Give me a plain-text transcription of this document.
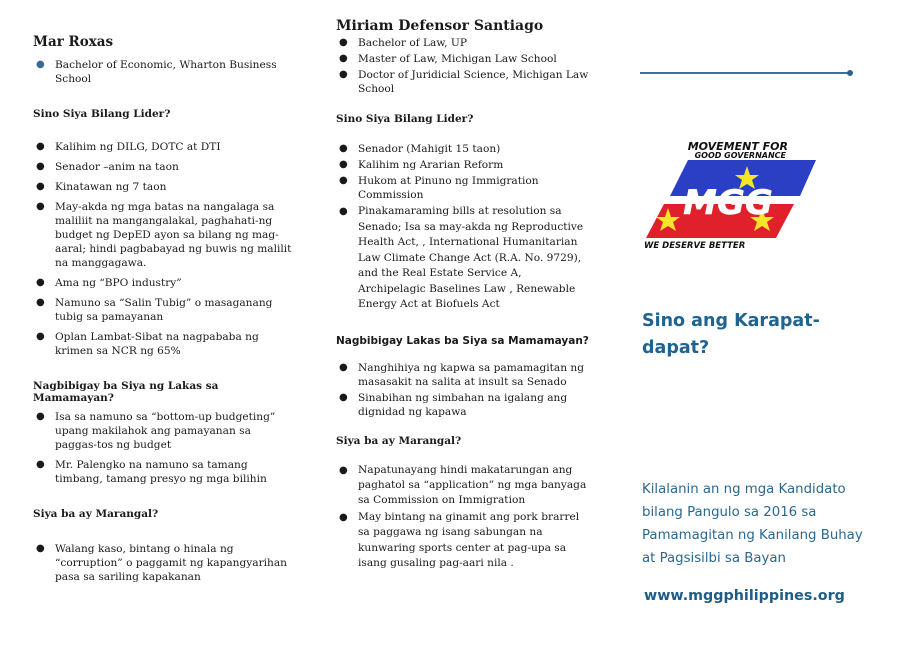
Mar Roxas
● Bachelor of Economic, Wharton Business School
Sino Siya Bilang Lider?
● Kalihim ng DILG, DOTC at DTI
● Senador –anim na taon
● Kinatawan ng 7 taon
● May-akda ng mga batas na nangalaga sa maliliit na mangangalakal, paghahati-ng budget ng DepED ayon sa bilang ng mag-aaral; hindi pagbabayad ng buwis ng malilit na manggagawa.
● Ama ng “BPO industry”
● Namuno sa “Salin Tubig” o masaganang tubig sa pamayanan
● Oplan Lambat-Sibat na nagpababa ng krimen sa NCR ng 65%
Nagbibigay ba Siya ng Lakas sa Mamamayan?
● Isa sa namuno sa “bottom-up budgeting” upang makilahok ang pamayanan sa paggas-tos ng budget
● Mr. Palengko na namuno sa tamang timbang, tamang presyo ng mga bilihin
Siya ba ay Marangal?
● Walang kaso, bintang o hinala ng “corruption” o paggamit ng kapangyarihan pasa sa sariling kapakanan
Miriam Defensor Santiago
● Bachelor of Law, UP
● Master of Law, Michigan Law School
● Doctor of Juridicial Science, Michigan Law School
Sino Siya Bilang Lider?
● Senador (Mahigit 15 taon)
● Kalihim ng Ararian Reform
● Hukom at Pinuno ng Immigration Commission
● Pinakamaraming bills at resolution sa Senado; Isa sa may-akda ng Reproductive Health Act, , International Humanitarian Law Climate Change Act (R.A. No. 9729), and the Real Estate Service A, Archipelagic Baselines Law , Renewable Energy Act at Biofuels Act
Nagbibigay Lakas ba Siya sa Mamamayan?
● Nanghihiya ng kapwa sa pamamagitan ng masasakit na salita at insult sa Senado
● Sinabihan ng simbahan na igalang ang dignidad ng kapawa
Siya ba ay Marangal?
● Napatunayang hindi makatarungan ang paghatol sa “application” ng mga banyaga sa Commission on Immigration
● May bintang na ginamit ang pork brarrel sa paggawa ng isang sabungan na kunwaring sports center at pag-upa sa isang gusaling pag-aari nila .
MOVEMENT FOR
GOOD GOVERNANCE
MGG
WE DESERVE BETTER
Sino ang Karapat-dapat?

Kilalanin an ng mga Kandidato bilang Pangulo sa 2016 sa Pamamagitan ng Kanilang Buhay at Pagsisilbi sa Bayan

www.mggphilippines.org
